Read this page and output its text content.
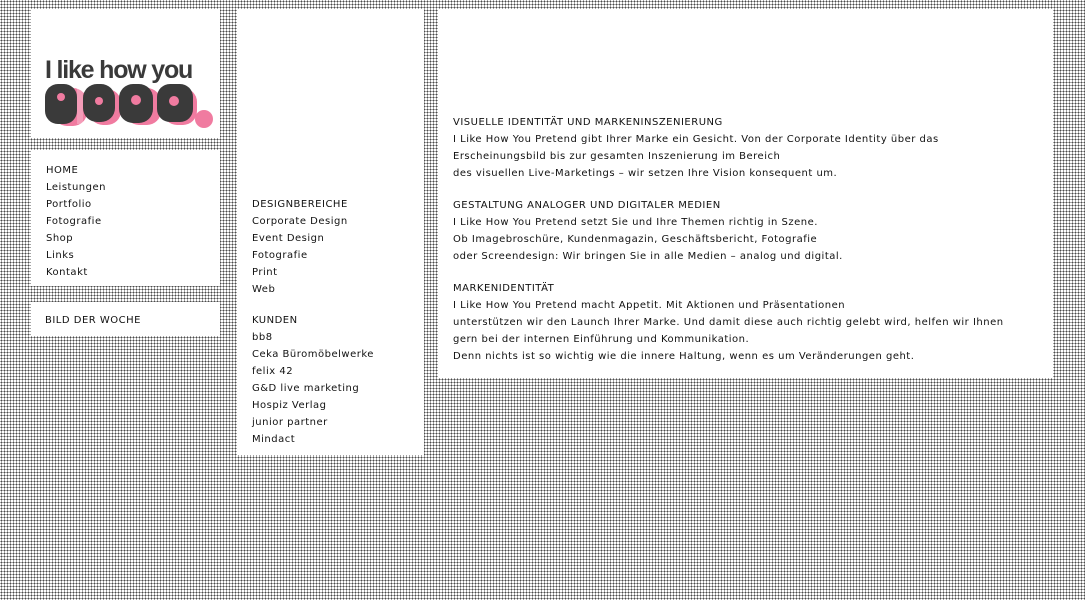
I like how you
HOME
Leistungen
Portfolio
Fotografie
Shop
Links
Kontakt
BILD DER WOCHE
DESIGNBEREICHE
Corporate Design
Event Design
Fotografie
Print
Web
KUNDEN
bb8
Ceka Büromöbelwerke
felix 42
G&D live marketing
Hospiz Verlag
junior partner
Mindact
VISUELLE IDENTITÄT UND MARKENINSZENIERUNG
I Like How You Pretend gibt Ihrer Marke ein Gesicht. Von der Corporate Identity über das
Erscheinungsbild bis zur gesamten Inszenierung im Bereich
des visuellen Live-Marketings – wir setzen Ihre Vision konsequent um.
GESTALTUNG ANALOGER UND DIGITALER MEDIEN
I Like How You Pretend setzt Sie und Ihre Themen richtig in Szene.
Ob Imagebroschüre, Kundenmagazin, Geschäftsbericht, Fotografie
oder Screendesign: Wir bringen Sie in alle Medien – analog und digital.
MARKENIDENTITÄT
I Like How You Pretend macht Appetit. Mit Aktionen und Präsentationen
unterstützen wir den Launch Ihrer Marke. Und damit diese auch richtig gelebt wird, helfen wir Ihnen
gern bei der internen Einführung und Kommunikation.
Denn nichts ist so wichtig wie die innere Haltung, wenn es um Veränderungen geht.
